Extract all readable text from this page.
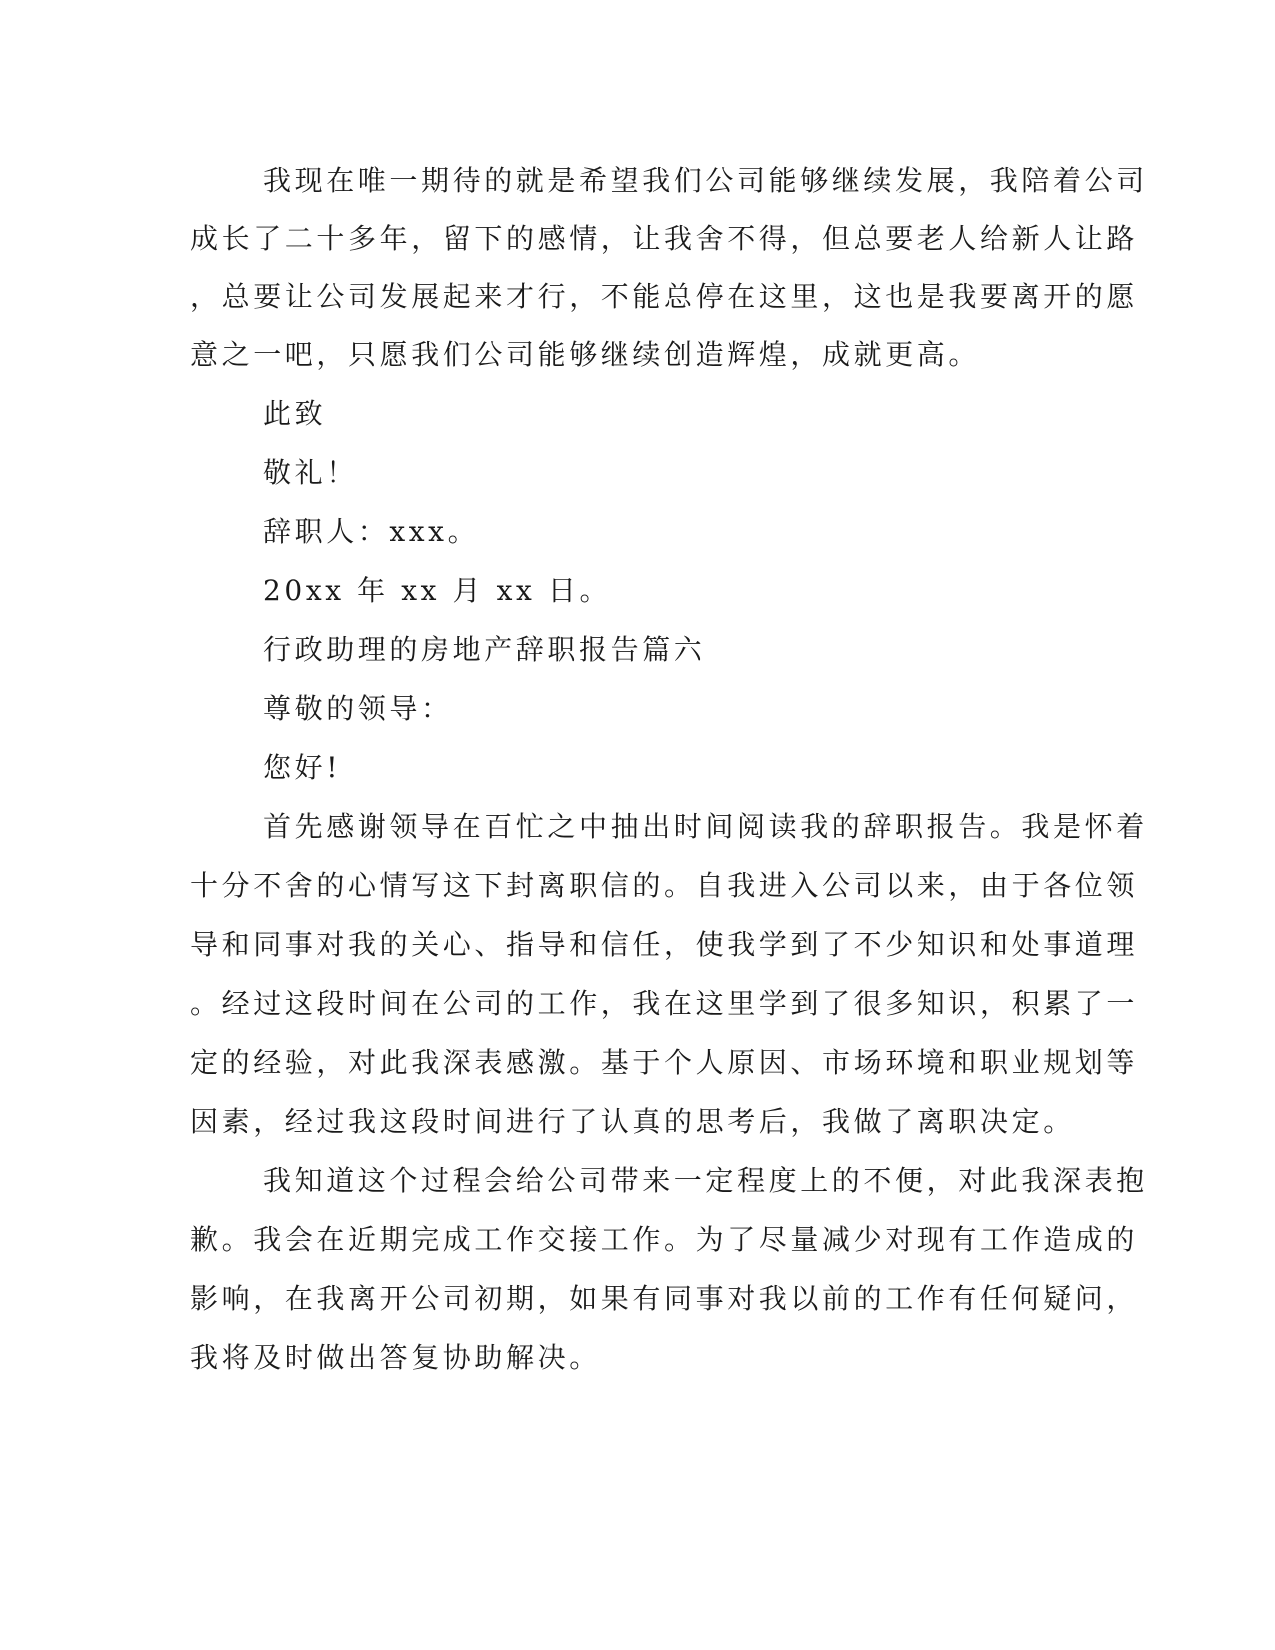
我现在唯一期待的就是希望我们公司能够继续发展，我陪着公司
成长了二十多年，留下的感情，让我舍不得，但总要老人给新人让路
，总要让公司发展起来才行，不能总停在这里，这也是我要离开的愿
意之一吧，只愿我们公司能够继续创造辉煌，成就更高。
此致
敬礼！
辞职人：xxx。
20xx 年 xx 月 xx 日。
行政助理的房地产辞职报告篇六
尊敬的领导：
您好!
首先感谢领导在百忙之中抽出时间阅读我的辞职报告。我是怀着
十分不舍的心情写这下封离职信的。自我进入公司以来，由于各位领
导和同事对我的关心、指导和信任，使我学到了不少知识和处事道理
。经过这段时间在公司的工作，我在这里学到了很多知识，积累了一
定的经验，对此我深表感激。基于个人原因、市场环境和职业规划等
因素，经过我这段时间进行了认真的思考后，我做了离职决定。
我知道这个过程会给公司带来一定程度上的不便，对此我深表抱
歉。我会在近期完成工作交接工作。为了尽量减少对现有工作造成的
影响，在我离开公司初期，如果有同事对我以前的工作有任何疑问，
我将及时做出答复协助解决。
